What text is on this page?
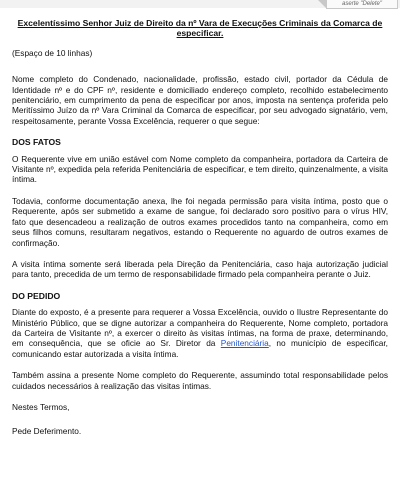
aserte "Delete"
Excelentíssimo Senhor Juiz de Direito da nº Vara de Execuções Criminais da Comarca de especificar.

(Espaço de 10 linhas)

Nome completo do Condenado, nacionalidade, profissão, estado civil, portador da Cédula de Identidade nº e do CPF nº, residente e domiciliado endereço completo, recolhido estabelecimento penitenciário, em cumprimento da pena de especificar por anos, imposta na sentença proferida pelo Meritíssimo Juízo da nº Vara Criminal da Comarca de especificar, por seu advogado signatário, vem, respeitosamente, perante Vossa Excelência, requerer o que segue:

DOS FATOS

O Requerente vive em união estável com Nome completo da companheira, portadora da Carteira de Visitante nº, expedida pela referida Penitenciária de especificar, e tem direito, quinzenalmente, a visita íntima.

Todavia, conforme documentação anexa, lhe foi negada permissão para visita íntima, posto que o Requerente, após ser submetido a exame de sangue, foi declarado soro positivo para o vírus HIV, fato que desencadeou a realização de outros exames procedidos tanto na companheira, como em seus filhos comuns, resultaram negativos, estando o Requerente no aguardo de outros exames de confirmação.

A visita íntima somente será liberada pela Direção da Penitenciária, caso haja autorização judicial para tanto, precedida de um termo de responsabilidade firmado pela companheira perante o Juiz.

DO PEDIDO

Diante do exposto, é a presente para requerer a Vossa Excelência, ouvido o Ilustre Representante do Ministério Público, que se digne autorizar a companheira do Requerente, Nome completo, portadora da Carteira de Visitante nº, a exercer o direito às visitas íntimas, na forma de praxe, determinando, em consequência, que se oficie ao Sr. Diretor da Penitenciária, no município de especificar, comunicando estar autorizada a visita íntima.

Também assina a presente Nome completo do Requerente, assumindo total responsabilidade pelos cuidados necessários à realização das visitas íntimas.

Nestes Termos,

Pede Deferimento.
